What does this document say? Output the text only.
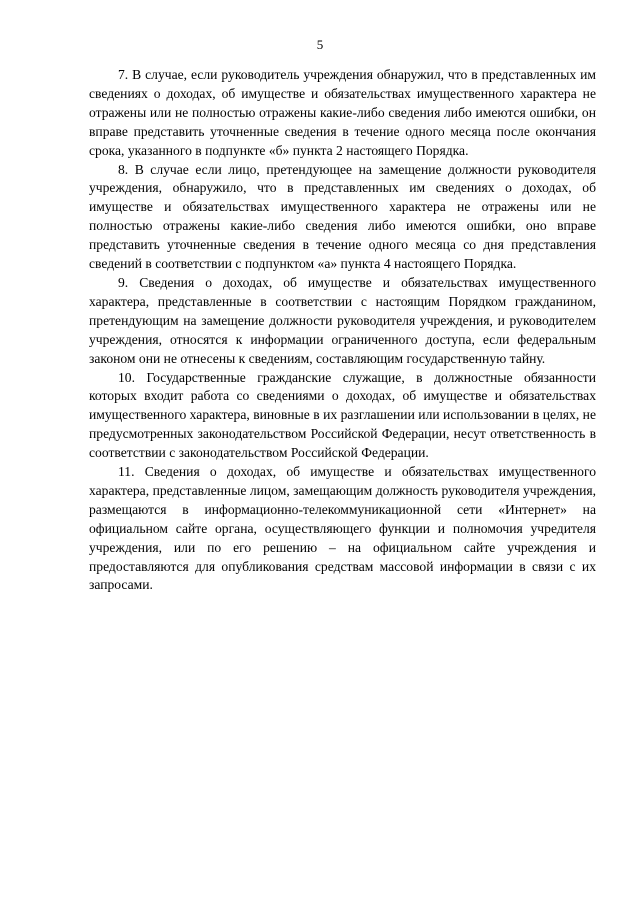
5

7. В случае, если руководитель учреждения обнаружил, что в представленных им сведениях о доходах, об имуществе и обязательствах имущественного характера не отражены или не полностью отражены какие-либо сведения либо имеются ошибки, он вправе представить уточненные сведения в течение одного месяца после окончания срока, указанного в подпункте «б» пункта 2 настоящего Порядка.

8. В случае если лицо, претендующее на замещение должности руководителя учреждения, обнаружило, что в представленных им сведениях о доходах, об имуществе и обязательствах имущественного характера не отражены или не полностью отражены какие-либо сведения либо имеются ошибки, оно вправе представить уточненные сведения в течение одного месяца со дня представления сведений в соответствии с подпунктом «а» пункта 4 настоящего Порядка.

9. Сведения о доходах, об имуществе и обязательствах имущественного характера, представленные в соответствии с настоящим Порядком гражданином, претендующим на замещение должности руководителя учреждения, и руководителем учреждения, относятся к информации ограниченного доступа, если федеральным законом они не отнесены к сведениям, составляющим государственную тайну.

10. Государственные гражданские служащие, в должностные обязанности которых входит работа со сведениями о доходах, об имуществе и обязательствах имущественного характера, виновные в их разглашении или использовании в целях, не предусмотренных законодательством Российской Федерации, несут ответственность в соответствии с законодательством Российской Федерации.

11. Сведения о доходах, об имуществе и обязательствах имущественного характера, представленные лицом, замещающим должность руководителя учреждения, размещаются в информационно-телекоммуникационной сети «Интернет» на официальном сайте органа, осуществляющего функции и полномочия учредителя учреждения, или по его решению – на официальном сайте учреждения и предоставляются для опубликования средствам массовой информации в связи с их запросами.
